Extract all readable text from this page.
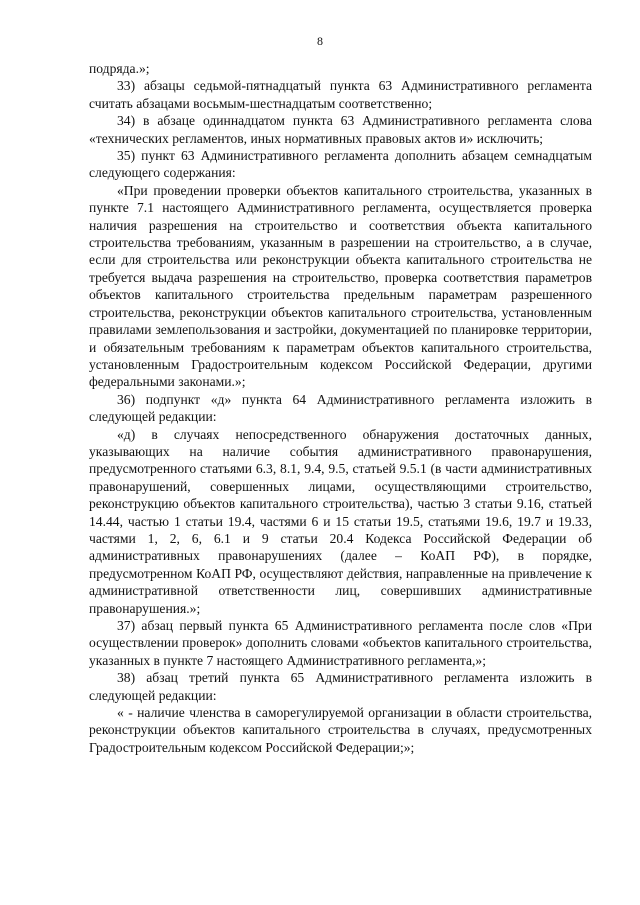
8

подряда.»;

33) абзацы седьмой-пятнадцатый пункта 63 Административного регламента считать абзацами восьмым-шестнадцатым соответственно;

34) в абзаце одиннадцатом пункта 63 Административного регламента слова «технических регламентов, иных нормативных правовых актов и» исключить;

35) пункт 63 Административного регламента дополнить абзацем семнадцатым следующего содержания:

«При проведении проверки объектов капитального строительства, указанных в пункте 7.1 настоящего Административного регламента, осуществляется проверка наличия разрешения на строительство и соответствия объекта капитального строительства требованиям, указанным в разрешении на строительство, а в случае, если для строительства или реконструкции объекта капитального строительства не требуется выдача разрешения на строительство, проверка соответствия параметров объектов капитального строительства предельным параметрам разрешенного строительства, реконструкции объектов капитального строительства, установленным правилами землепользования и застройки, документацией по планировке территории, и обязательным требованиям к параметрам объектов капитального строительства, установленным Градостроительным кодексом Российской Федерации, другими федеральными законами.»;

36) подпункт «д» пункта 64 Административного регламента изложить в следующей редакции:

«д) в случаях непосредственного обнаружения достаточных данных, указывающих на наличие события административного правонарушения, предусмотренного статьями 6.3, 8.1, 9.4, 9.5, статьей 9.5.1 (в части административных правонарушений, совершенных лицами, осуществляющими строительство, реконструкцию объектов капитального строительства), частью 3 статьи 9.16, статьей 14.44, частью 1 статьи 19.4, частями 6 и 15 статьи 19.5, статьями 19.6, 19.7 и 19.33, частями 1, 2, 6, 6.1 и 9 статьи 20.4 Кодекса Российской Федерации об административных правонарушениях (далее – КоАП РФ), в порядке, предусмотренном КоАП РФ, осуществляют действия, направленные на привлечение к административной ответственности лиц, совершивших административные правонарушения.»;

37) абзац первый пункта 65 Административного регламента после слов «При осуществлении проверок» дополнить словами «объектов капитального строительства, указанных в пункте 7 настоящего Административного регламента,»;

38) абзац третий пункта 65 Административного регламента изложить в следующей редакции:

« - наличие членства в саморегулируемой организации в области строительства, реконструкции объектов капитального строительства в случаях, предусмотренных Градостроительным кодексом Российской Федерации;»;
